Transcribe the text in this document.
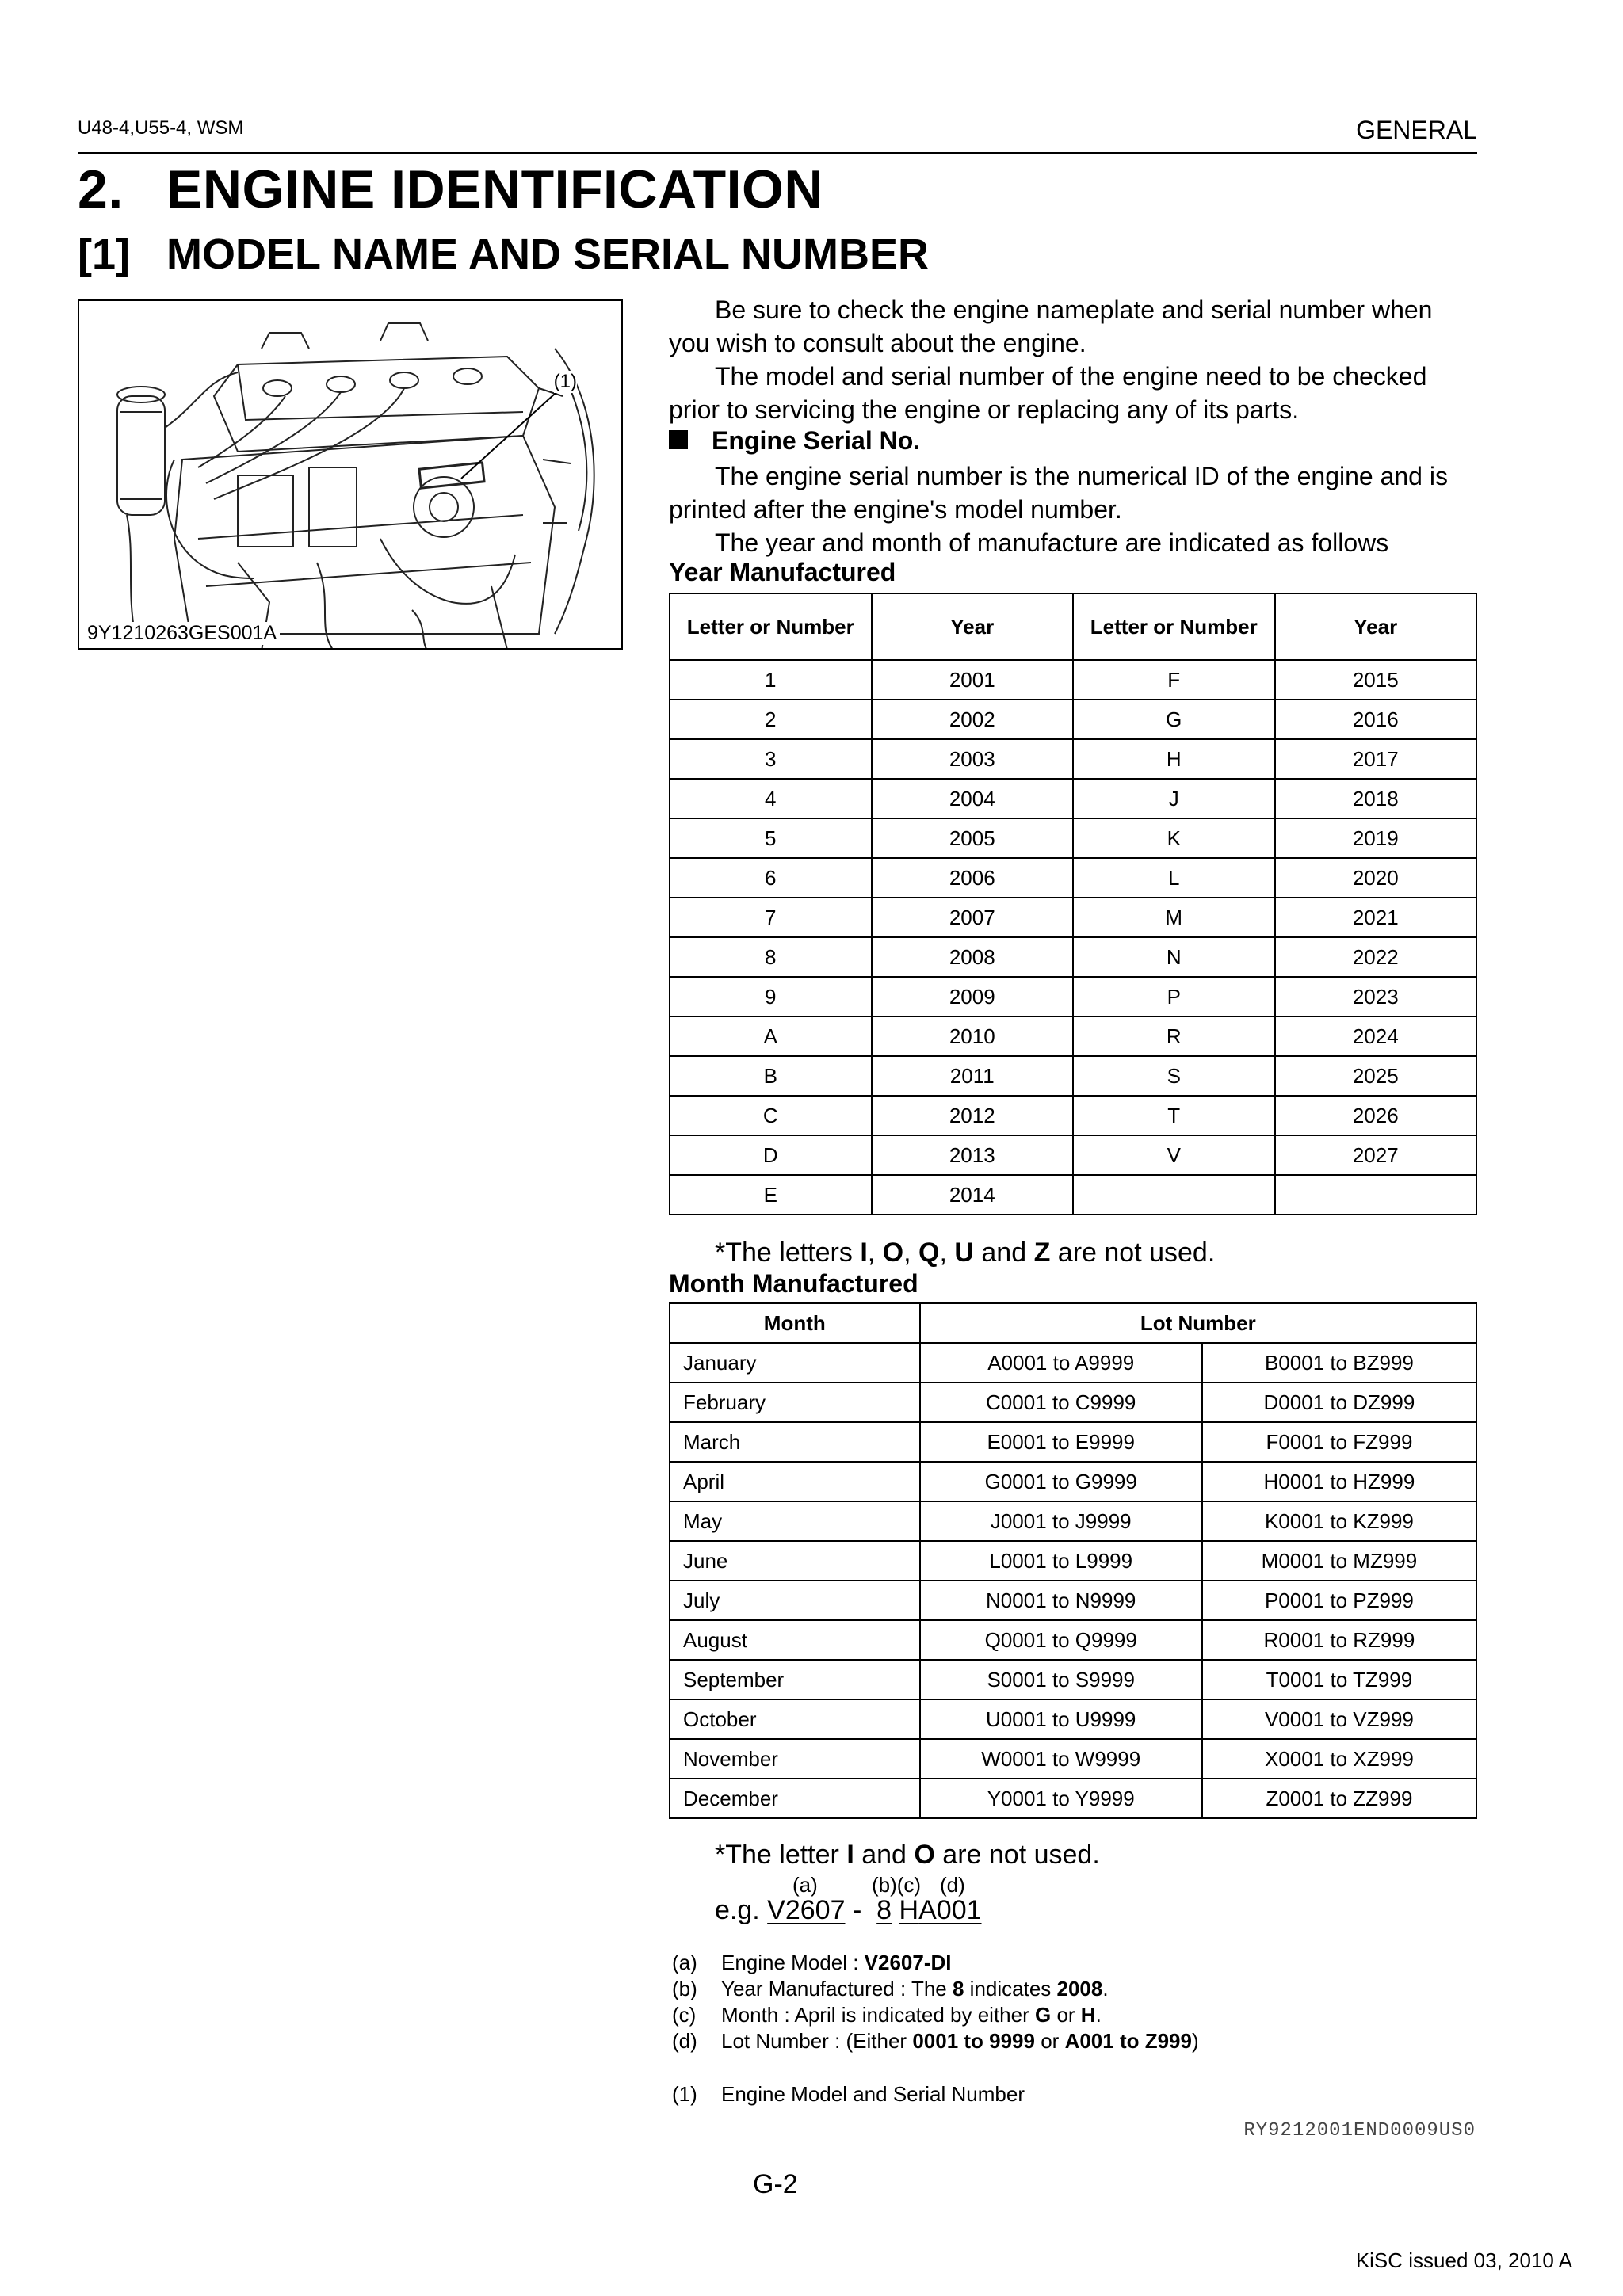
U48-4,U55-4, WSM	GENERAL
2. ENGINE IDENTIFICATION
[1] MODEL NAME AND SERIAL NUMBER
(1)
9Y1210263GES001A

Be sure to check the engine nameplate and serial number when you wish to consult about the engine.

The model and serial number of the engine need to be checked prior to servicing the engine or replacing any of its parts.

Engine Serial No.

The engine serial number is the numerical ID of the engine and is printed after the engine's model number.

The year and month of manufacture are indicated as follows

Year Manufactured
Letter or Number	Year	Letter or Number	Year
1	2001	F	2015
2	2002	G	2016
3	2003	H	2017
4	2004	J	2018
5	2005	K	2019
6	2006	L	2020
7	2007	M	2021
8	2008	N	2022
9	2009	P	2023
A	2010	R	2024
B	2011	S	2025
C	2012	T	2026
D	2013	V	2027
E	2014		
*The letters I, O, Q, U and Z are not used.
Month Manufactured
Month	Lot Number	
January	A0001 to A9999	B0001 to BZ999
February	C0001 to C9999	D0001 to DZ999
March	E0001 to E9999	F0001 to FZ999
April	G0001 to G9999	H0001 to HZ999
May	J0001 to J9999	K0001 to KZ999
June	L0001 to L9999	M0001 to MZ999
July	N0001 to N9999	P0001 to PZ999
August	Q0001 to Q9999	R0001 to RZ999
September	S0001 to S9999	T0001 to TZ999
October	U0001 to U9999	V0001 to VZ999
November	W0001 to W9999	X0001 to XZ999
December	Y0001 to Y9999	Z0001 to ZZ999
*The letter I and O are not used.
(a)	(b)(c) (d)
e.g. V2607 -  8 HA001
(a) Engine Model : V2607-DI
(b) Year Manufactured : The 8 indicates 2008.
(c) Month : April is indicated by either G or H.
(d) Lot Number : (Either 0001 to 9999 or A001 to Z999)
(1) Engine Model and Serial Number
RY9212001END0009US0
G-2
KiSC issued 03, 2010 A
